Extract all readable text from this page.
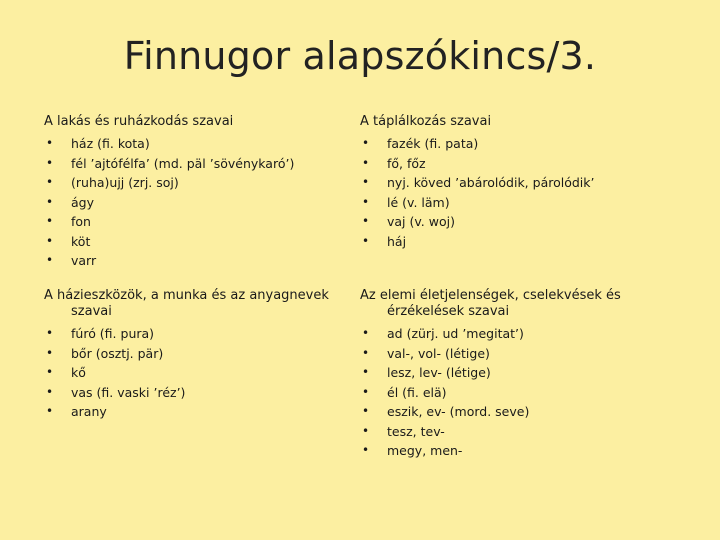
Finnugor alapszókincs/3.
A lakás és ruházkodás szavai
• ház (fi. kota)
• fél ’ajtófélfa’ (md. päl ’sövénykaró’)
• (ruha)ujj (zrj. soj)
• ágy
• fon
• köt
• varr
A táplálkozás szavai
• fazék (fi. pata)
• fő, főz
• nyj. köved ’abárolódik, párolódik’
• lé (v. läm)
• vaj (v. woj)
• háj
A házieszközök, a munka és az anyagnevek szavai
• fúró (fi. pura)
• bőr (osztj. pär)
• kő
• vas (fi. vaski ’réz’)
• arany
Az elemi életjelenségek, cselekvések és érzékelések szavai
• ad (zürj. ud ’megitat’)
• val-, vol- (létige)
• lesz, lev- (létige)
• él (fi. elä)
• eszik, ev- (mord. seve)
• tesz, tev-
• megy, men-
